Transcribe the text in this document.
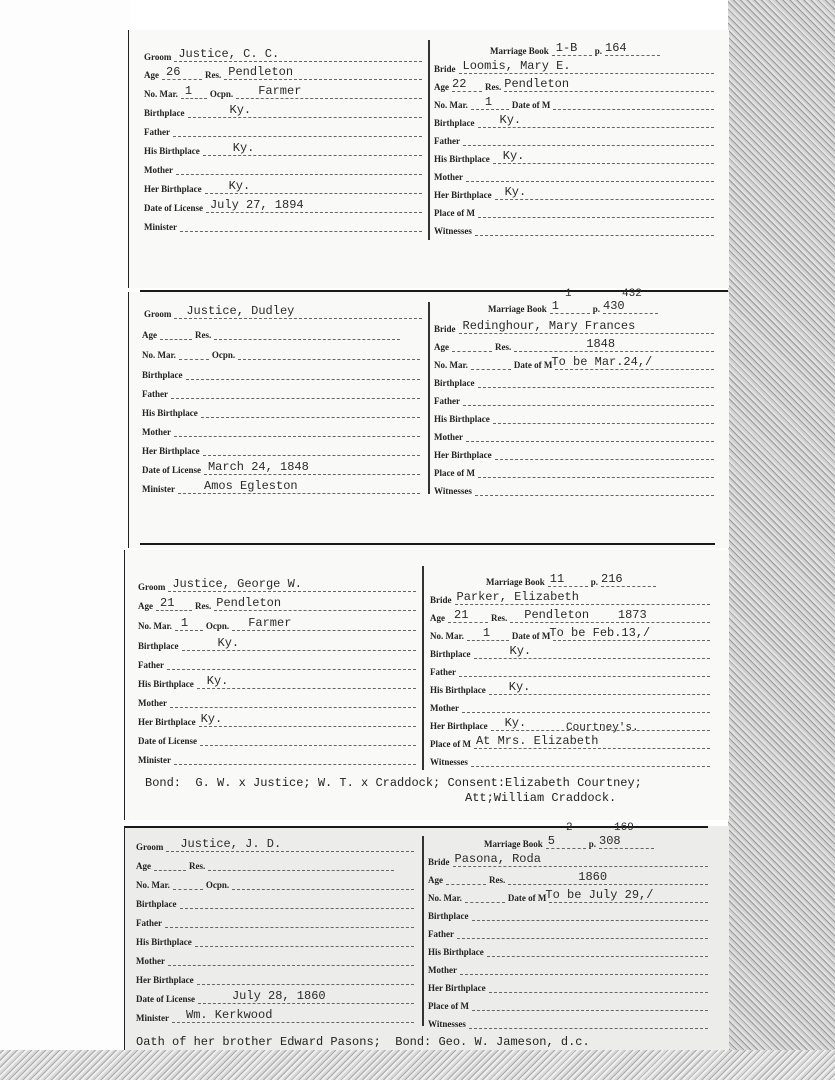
Groom Justice, C. C.
Age 26	Res. Pendleton
No. Mar. 1	Ocpn. Farmer
Birthplace	Ky.
Father
His Birthplace	Ky.
Mother
Her Birthplace Ky.
Date of License July 27, 1894
Minister
Marriage Book 1-B	p. 164
Bride Loomis, Mary E.
Age 22	Res. Pendleton
No. Mar. 1	Date of M
Birthplace Ky.
Father
His Birthplace Ky.
Mother
Her Birthplace Ky.
Place of M
Witnesses
Groom Justice, Dudley
Age	Res.
No. Mar.	Ocpn.
Birthplace
Father
His Birthplace
Mother
Her Birthplace
Date of License March 24, 1848
Minister Amos Egleston
1	432
Marriage Book 1	p. 430
Bride Redinghour, Mary Frances
Age	Res.	1848
No. Mar.	Date of M To be Mar.24,/
Birthplace
Father
His Birthplace
Mother
Her Birthplace
Place of M
Witnesses
Groom Justice, George W.
Age 21	Res. Pendleton
No. Mar. 1	Ocpn. Farmer
Birthplace	Ky.
Father
His Birthplace Ky.
Mother
Her Birthplace Ky.
Date of License
Minister
Marriage Book 11	p. 216
Bride Parker, Elizabeth
Age 21	Res. Pendleton    1873
No. Mar. 1	Date of M To be Feb.13,/
Birthplace	Ky.
Father
His Birthplace Ky.
Mother
Her Birthplace Ky.	Courtney's.
Place of M At Mrs. Elizabeth
Witnesses
Bond:  G. W. x Justice; W. T. x Craddock; Consent:Elizabeth Courtney;
Att;William Craddock.
Groom Justice, J. D.
Age	Res.
No. Mar.	Ocpn.
Birthplace
Father
His Birthplace
Mother
Her Birthplace
Date of License	July 28, 1860
Minister Wm. Kerkwood
2	169
Marriage Book 5	p. 308
Bride Pasona, Roda
Age	Res.	1860
No. Mar.	Date of M To be July 29,/
Birthplace
Father
His Birthplace
Mother
Her Birthplace
Place of M
Witnesses
Oath of her brother Edward Pasons;  Bond: Geo. W. Jameson, d.c.
